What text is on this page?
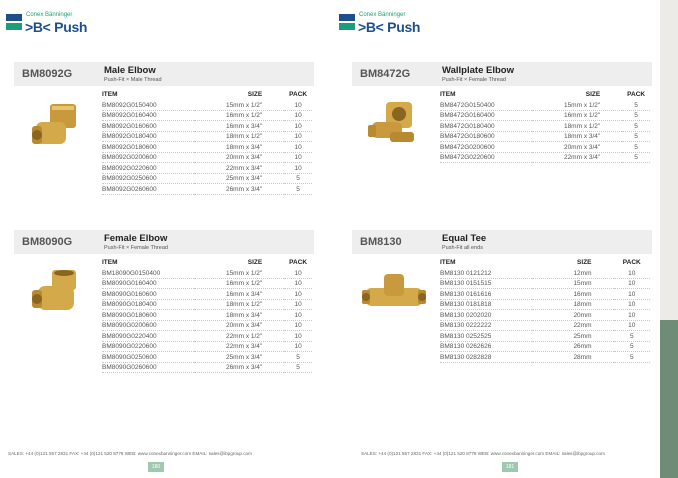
Conex Bänninger
>B< Push
BM8092G	Male Elbow
Push-Fit × Male Thread
ITEM	SIZE	PACK
BM8092G0150400	15mm x 1/2"	10
BM8092G0160400	16mm x 1/2"	10
BM8092G0160600	16mm x 3/4"	10
BM8092G0180400	18mm x 1/2"	10
BM8092G0180600	18mm x 3/4"	10
BM8092G0200600	20mm x 3/4"	10
BM8092G0220600	22mm x 3/4"	10
BM8092G0250600	25mm x 3/4"	5
BM8092G0260600	26mm x 3/4"	5
BM8090G	Female Elbow
Push-Fit × Female Thread
ITEM	SIZE	PACK
BM18090G0150400	15mm x 1/2"	10
BM8090G0160400	16mm x 1/2"	10
BM8090G0160600	16mm x 3/4"	10
BM8090G0180400	18mm x 1/2"	10
BM8090G0180600	18mm x 3/4"	10
BM8090G0200600	20mm x 3/4"	10
BM8090G0220400	22mm x 1/2"	10
BM8090G0220600	22mm x 3/4"	10
BM8090G0250600	25mm x 3/4"	5
BM8090G0260600	26mm x 3/4"	5
SALES: +44 (0)121 557 2831 FAX: +44 (0)121 520 8778 WEB: www.conexbanninger.com EMAIL: sales@ibpgroup.com
180
Conex Bänninger
>B< Push
BM8472G	Wallplate Elbow
Push-Fit × Female Thread
ITEM	SIZE	PACK
BM8472G0150400	15mm x 1/2"	5
BM8472G0160400	16mm x 1/2"	5
BM8472G0180400	18mm x 1/2"	5
BM8472G0180600	18mm x 3/4"	5
BM8472G0200600	20mm x 3/4"	5
BM8472G0220600	22mm x 3/4"	5
BM8130	Equal Tee
Push-Fit all ends
ITEM	SIZE	PACK
BM8130 0121212	12mm	10
BM8130 0151515	15mm	10
BM8130 0161616	16mm	10
BM8130 0181818	18mm	10
BM8130 0202020	20mm	10
BM8130 0222222	22mm	10
BM8130 0252525	25mm	5
BM8130 0262626	26mm	5
BM8130 0282828	28mm	5
SALES: +44 (0)121 557 2831 FAX: +44 (0)121 520 8778 WEB: www.conexbanninger.com EMAIL: sales@ibpgroup.com
181
